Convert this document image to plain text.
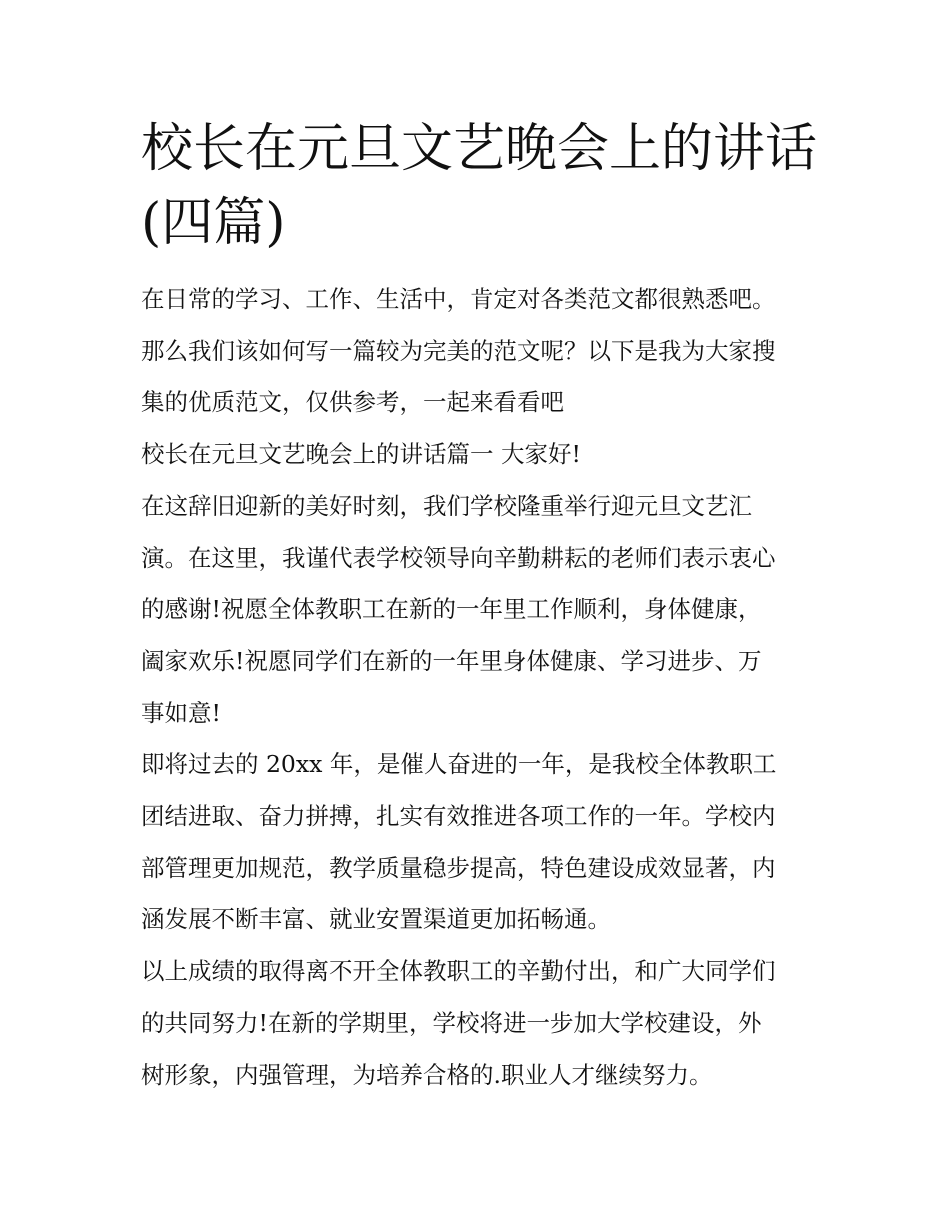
校长在元旦文艺晚会上的讲话
(四篇)
在日常的学习、工作、生活中，肯定对各类范文都很熟悉吧。
那么我们该如何写一篇较为完美的范文呢？以下是我为大家搜
集的优质范文，仅供参考，一起来看看吧
校长在元旦文艺晚会上的讲话篇一 大家好!
在这辞旧迎新的美好时刻，我们学校隆重举行迎元旦文艺汇
演。在这里，我谨代表学校领导向辛勤耕耘的老师们表示衷心
的感谢!祝愿全体教职工在新的一年里工作顺利，身体健康，
阖家欢乐!祝愿同学们在新的一年里身体健康、学习进步、万
事如意!
即将过去的 20xx 年，是催人奋进的一年，是我校全体教职工
团结进取、奋力拼搏，扎实有效推进各项工作的一年。学校内
部管理更加规范，教学质量稳步提高，特色建设成效显著，内
涵发展不断丰富、就业安置渠道更加拓畅通。
以上成绩的取得离不开全体教职工的辛勤付出，和广大同学们
的共同努力!在新的学期里，学校将进一步加大学校建设，外
树形象，内强管理，为培养合格的.职业人才继续努力。
